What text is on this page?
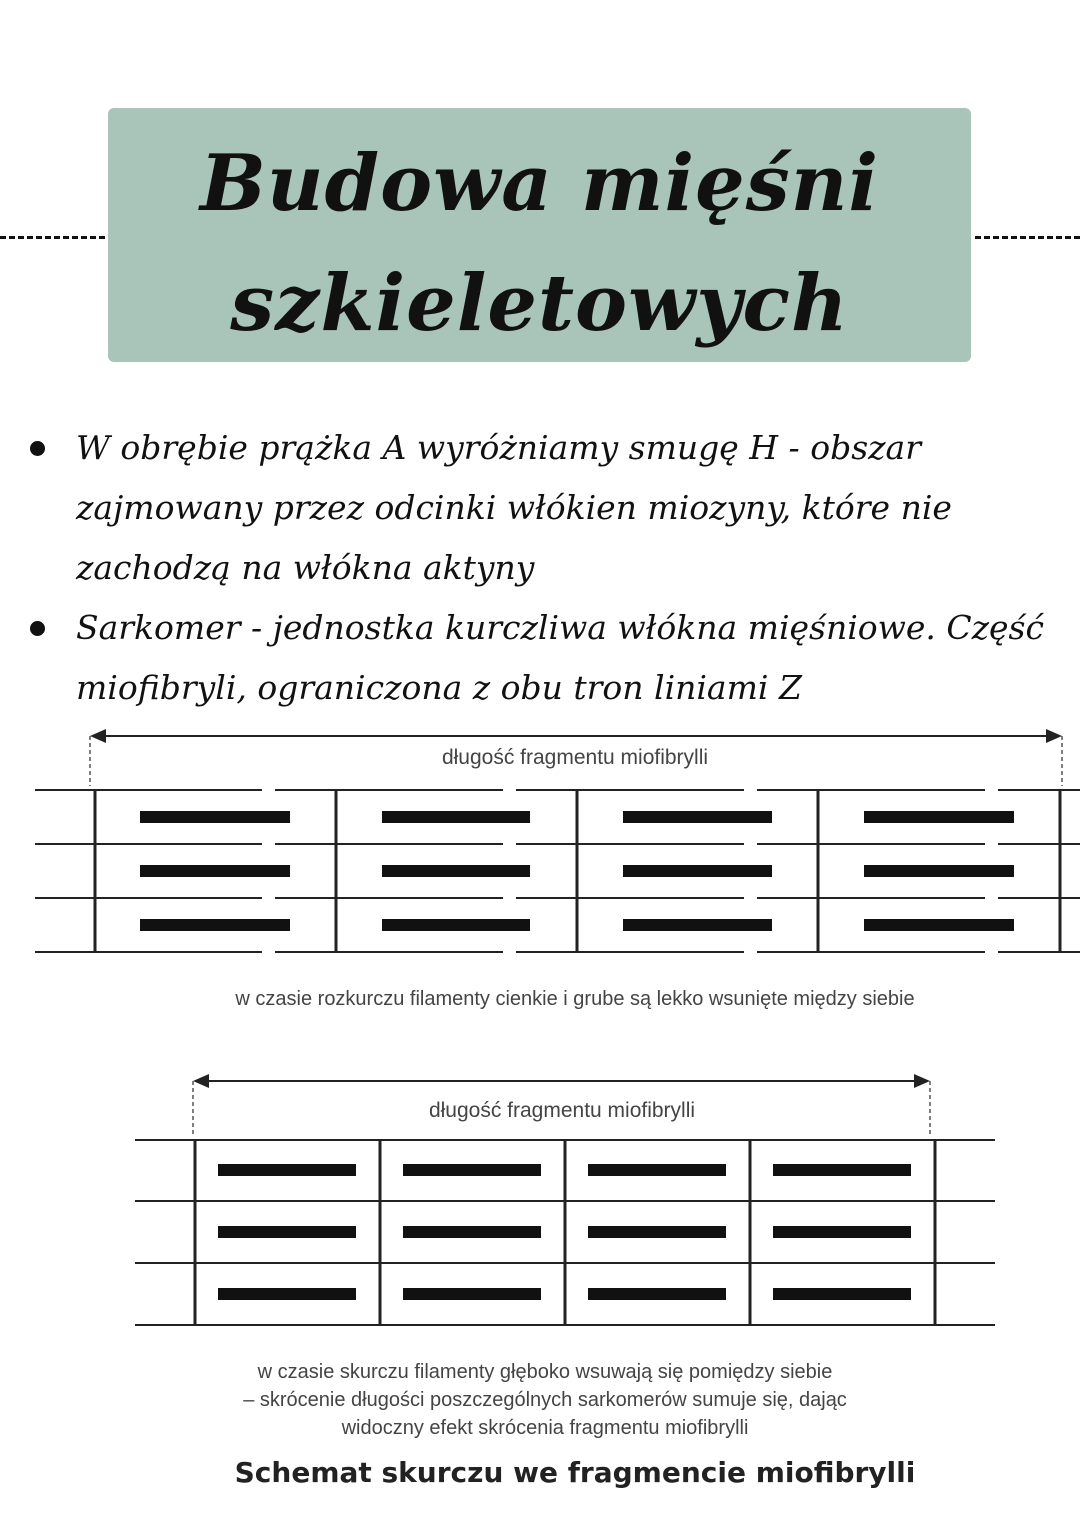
Budowa mięśni
szkieletowych
W obrębie prążka A wyróżniamy smugę H - obszar zajmowany przez odcinki włókien miozyny, które nie zachodzą na włókna aktyny
Sarkomer - jednostka kurczliwa włókna mięśniowe. Część miofibryli, ograniczona z obu tron liniami Z
długość fragmentu miofibrylli
w czasie rozkurczu filamenty cienkie i grube są lekko wsunięte między siebie
długość fragmentu miofibrylli
w czasie skurczu filamenty głęboko wsuwają się pomiędzy siebie
– skrócenie długości poszczególnych sarkomerów sumuje się, dając
widoczny efekt skrócenia fragmentu miofibrylli
Schemat skurczu we fragmencie miofibrylli
